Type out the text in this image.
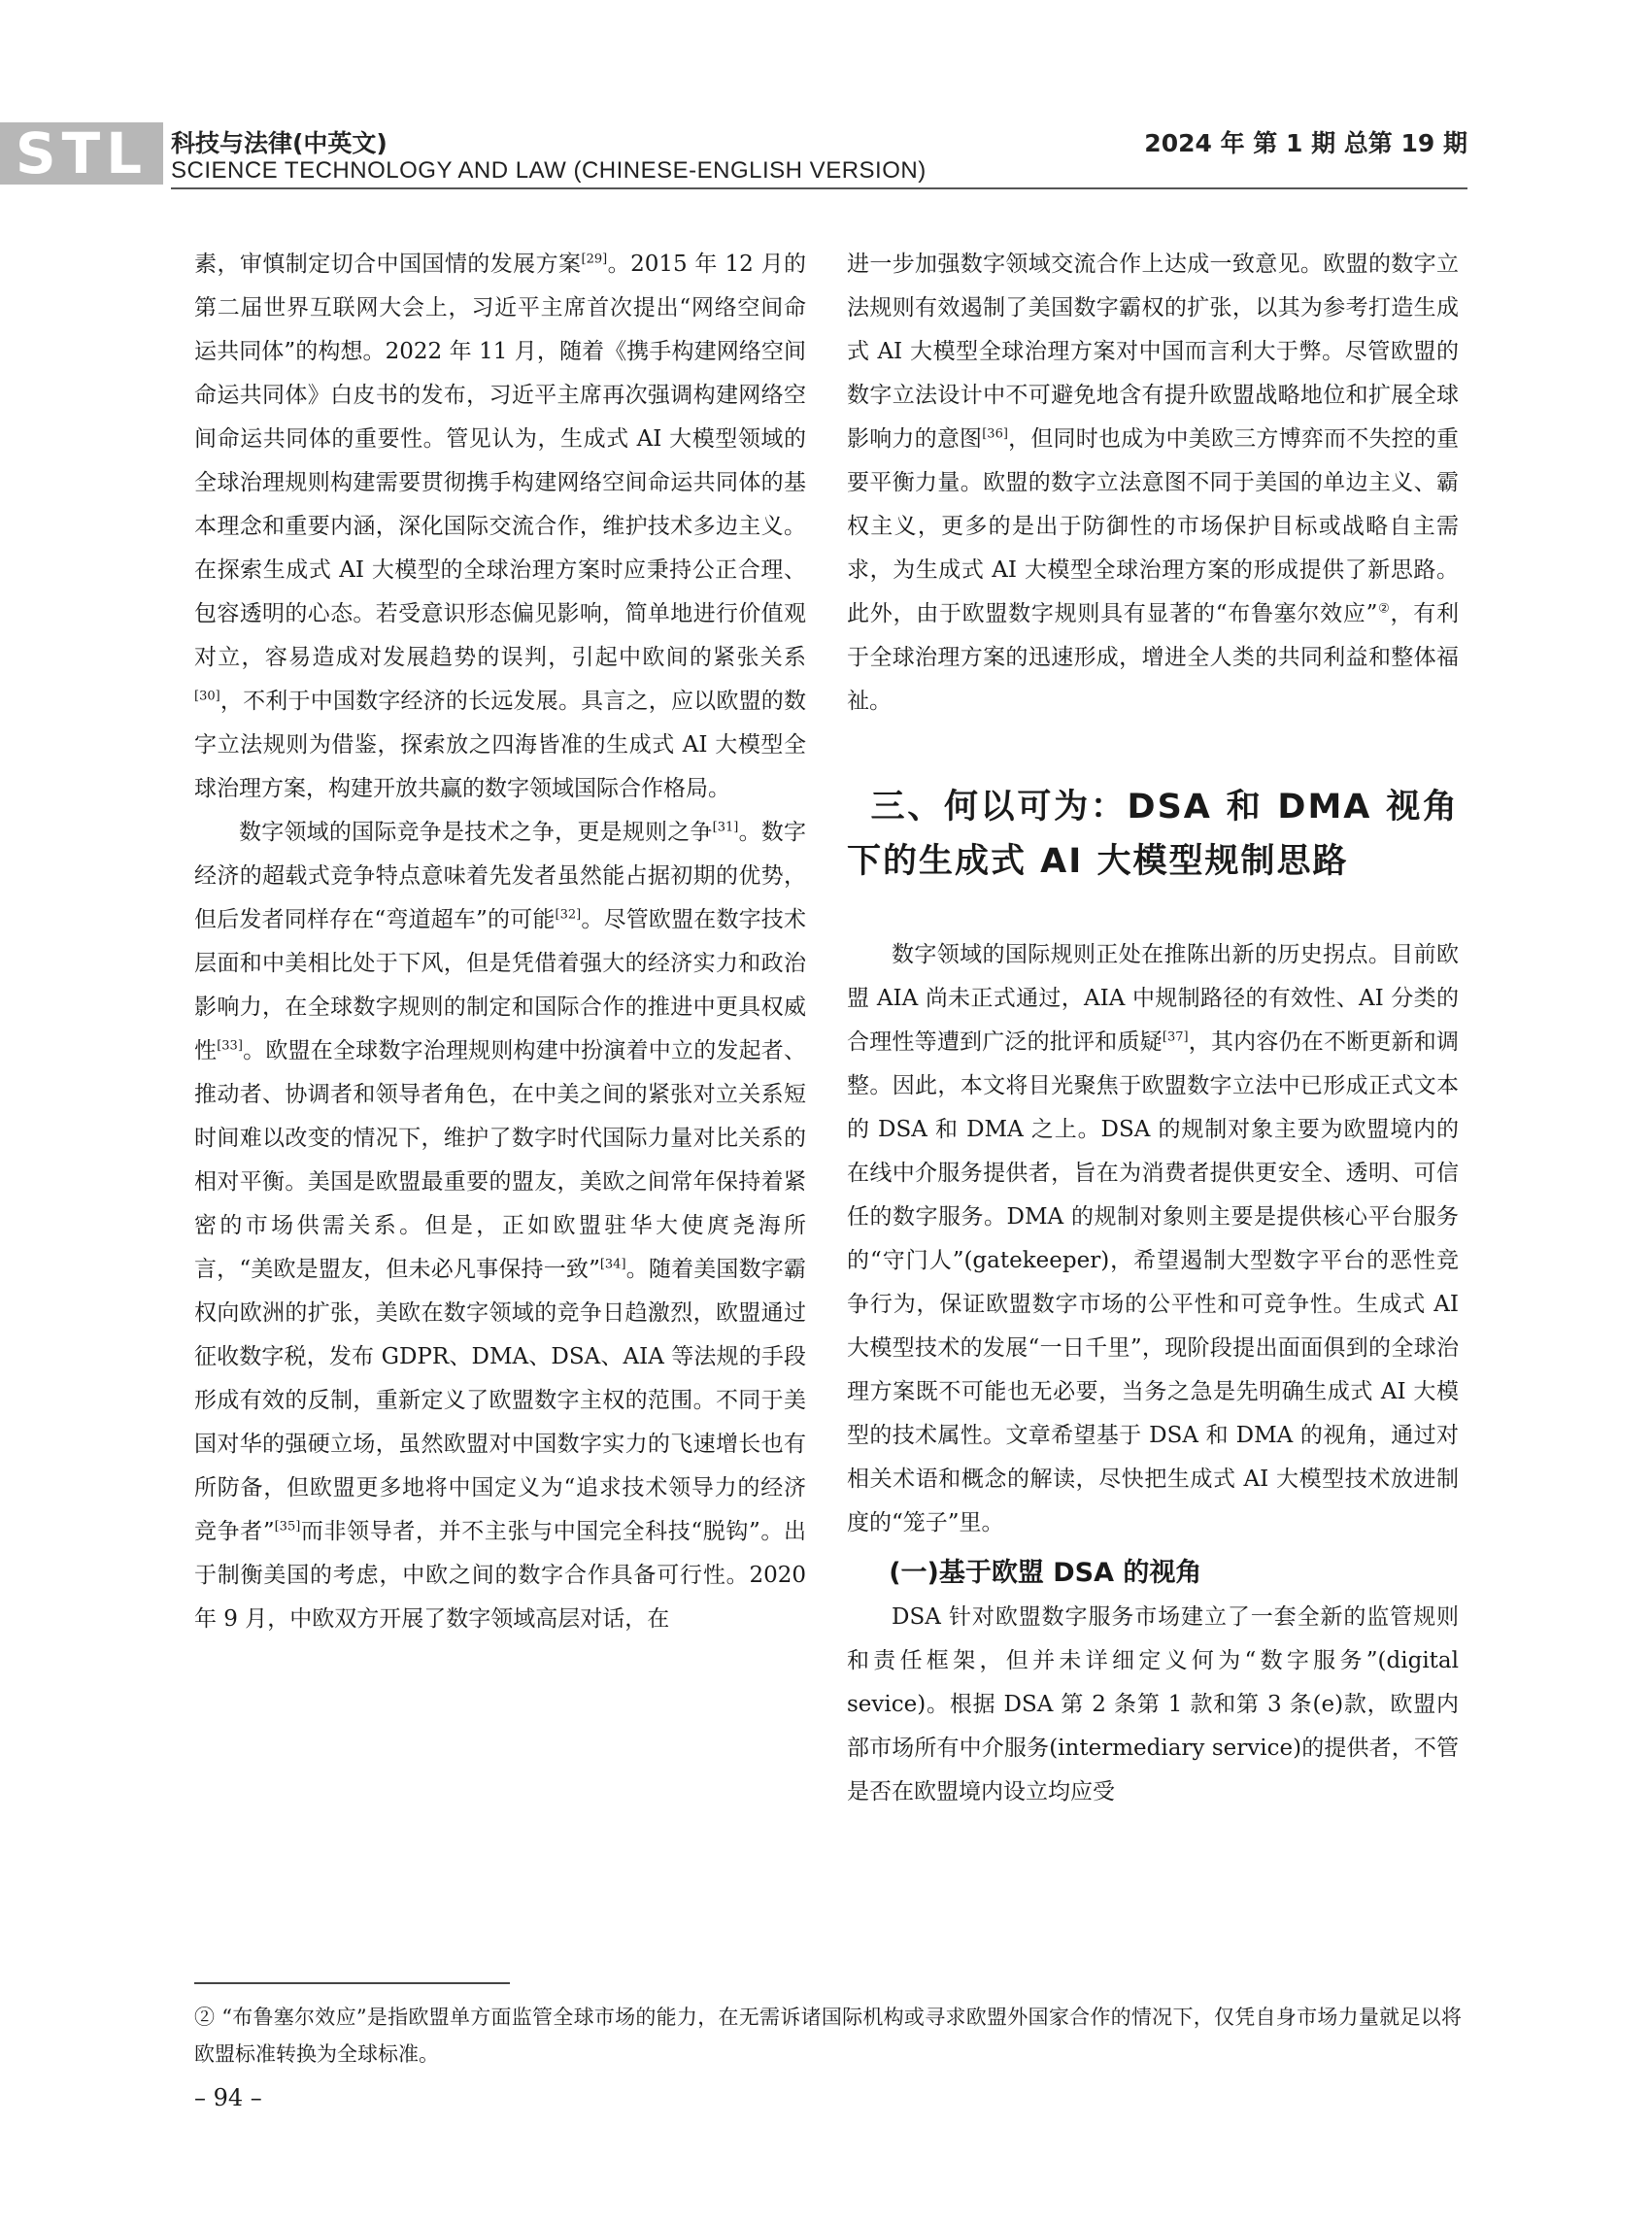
STL 科技与法律(中英文)
SCIENCE TECHNOLOGY AND LAW (CHINESE-ENGLISH VERSION)
2024 年 第 1 期 总第 19 期

素，审慎制定切合中国国情的发展方案[29]。2015 年 12 月的第二届世界互联网大会上，习近平主席首次提出“网络空间命运共同体”的构想。2022 年 11 月，随着《携手构建网络空间命运共同体》白皮书的发布，习近平主席再次强调构建网络空间命运共同体的重要性。管见认为，生成式 AI 大模型领域的全球治理规则构建需要贯彻携手构建网络空间命运共同体的基本理念和重要内涵，深化国际交流合作，维护技术多边主义。在探索生成式 AI 大模型的全球治理方案时应秉持公正合理、包容透明的心态。若受意识形态偏见影响，简单地进行价值观对立，容易造成对发展趋势的误判，引起中欧间的紧张关系[30]，不利于中国数字经济的长远发展。具言之，应以欧盟的数字立法规则为借鉴，探索放之四海皆准的生成式 AI 大模型全球治理方案，构建开放共赢的数字领域国际合作格局。

数字领域的国际竞争是技术之争，更是规则之争[31]。数字经济的超载式竞争特点意味着先发者虽然能占据初期的优势，但后发者同样存在“弯道超车”的可能[32]。尽管欧盟在数字技术层面和中美相比处于下风，但是凭借着强大的经济实力和政治影响力，在全球数字规则的制定和国际合作的推进中更具权威性[33]。欧盟在全球数字治理规则构建中扮演着中立的发起者、推动者、协调者和领导者角色，在中美之间的紧张对立关系短时间难以改变的情况下，维护了数字时代国际力量对比关系的相对平衡。美国是欧盟最重要的盟友，美欧之间常年保持着紧密的市场供需关系。但是，正如欧盟驻华大使庹尧海所言，“美欧是盟友，但未必凡事保持一致”[34]。随着美国数字霸权向欧洲的扩张，美欧在数字领域的竞争日趋激烈，欧盟通过征收数字税，发布 GDPR、DMA、DSA、AIA 等法规的手段形成有效的反制，重新定义了欧盟数字主权的范围。不同于美国对华的强硬立场，虽然欧盟对中国数字实力的飞速增长也有所防备，但欧盟更多地将中国定义为“追求技术领导力的经济竞争者”[35]而非领导者，并不主张与中国完全科技“脱钩”。出于制衡美国的考虑，中欧之间的数字合作具备可行性。2020 年 9 月，中欧双方开展了数字领域高层对话，在

进一步加强数字领域交流合作上达成一致意见。欧盟的数字立法规则有效遏制了美国数字霸权的扩张，以其为参考打造生成式 AI 大模型全球治理方案对中国而言利大于弊。尽管欧盟的数字立法设计中不可避免地含有提升欧盟战略地位和扩展全球影响力的意图[36]，但同时也成为中美欧三方博弈而不失控的重要平衡力量。欧盟的数字立法意图不同于美国的单边主义、霸权主义，更多的是出于防御性的市场保护目标或战略自主需求，为生成式 AI 大模型全球治理方案的形成提供了新思路。此外，由于欧盟数字规则具有显著的“布鲁塞尔效应”②，有利于全球治理方案的迅速形成，增进全人类的共同利益和整体福祉。

三、何以可为：DSA 和 DMA 视角下的生成式 AI 大模型规制思路

数字领域的国际规则正处在推陈出新的历史拐点。目前欧盟 AIA 尚未正式通过，AIA 中规制路径的有效性、AI 分类的合理性等遭到广泛的批评和质疑[37]，其内容仍在不断更新和调整。因此，本文将目光聚焦于欧盟数字立法中已形成正式文本的 DSA 和 DMA 之上。DSA 的规制对象主要为欧盟境内的在线中介服务提供者，旨在为消费者提供更安全、透明、可信任的数字服务。DMA 的规制对象则主要是提供核心平台服务的“守门人”(gatekeeper)，希望遏制大型数字平台的恶性竞争行为，保证欧盟数字市场的公平性和可竞争性。生成式 AI 大模型技术的发展“一日千里”，现阶段提出面面俱到的全球治理方案既不可能也无必要，当务之急是先明确生成式 AI 大模型的技术属性。文章希望基于 DSA 和 DMA 的视角，通过对相关术语和概念的解读，尽快把生成式 AI 大模型技术放进制度的“笼子”里。

(一)基于欧盟 DSA 的视角

DSA 针对欧盟数字服务市场建立了一套全新的监管规则和责任框架，但并未详细定义何为“数字服务”(digital sevice)。根据 DSA 第 2 条第 1 款和第 3 条(e)款，欧盟内部市场所有中介服务(intermediary service)的提供者，不管是否在欧盟境内设立均应受

② “布鲁塞尔效应”是指欧盟单方面监管全球市场的能力，在无需诉诸国际机构或寻求欧盟外国家合作的情况下，仅凭自身市场力量就足以将欧盟标准转换为全球标准。
– 94 –
